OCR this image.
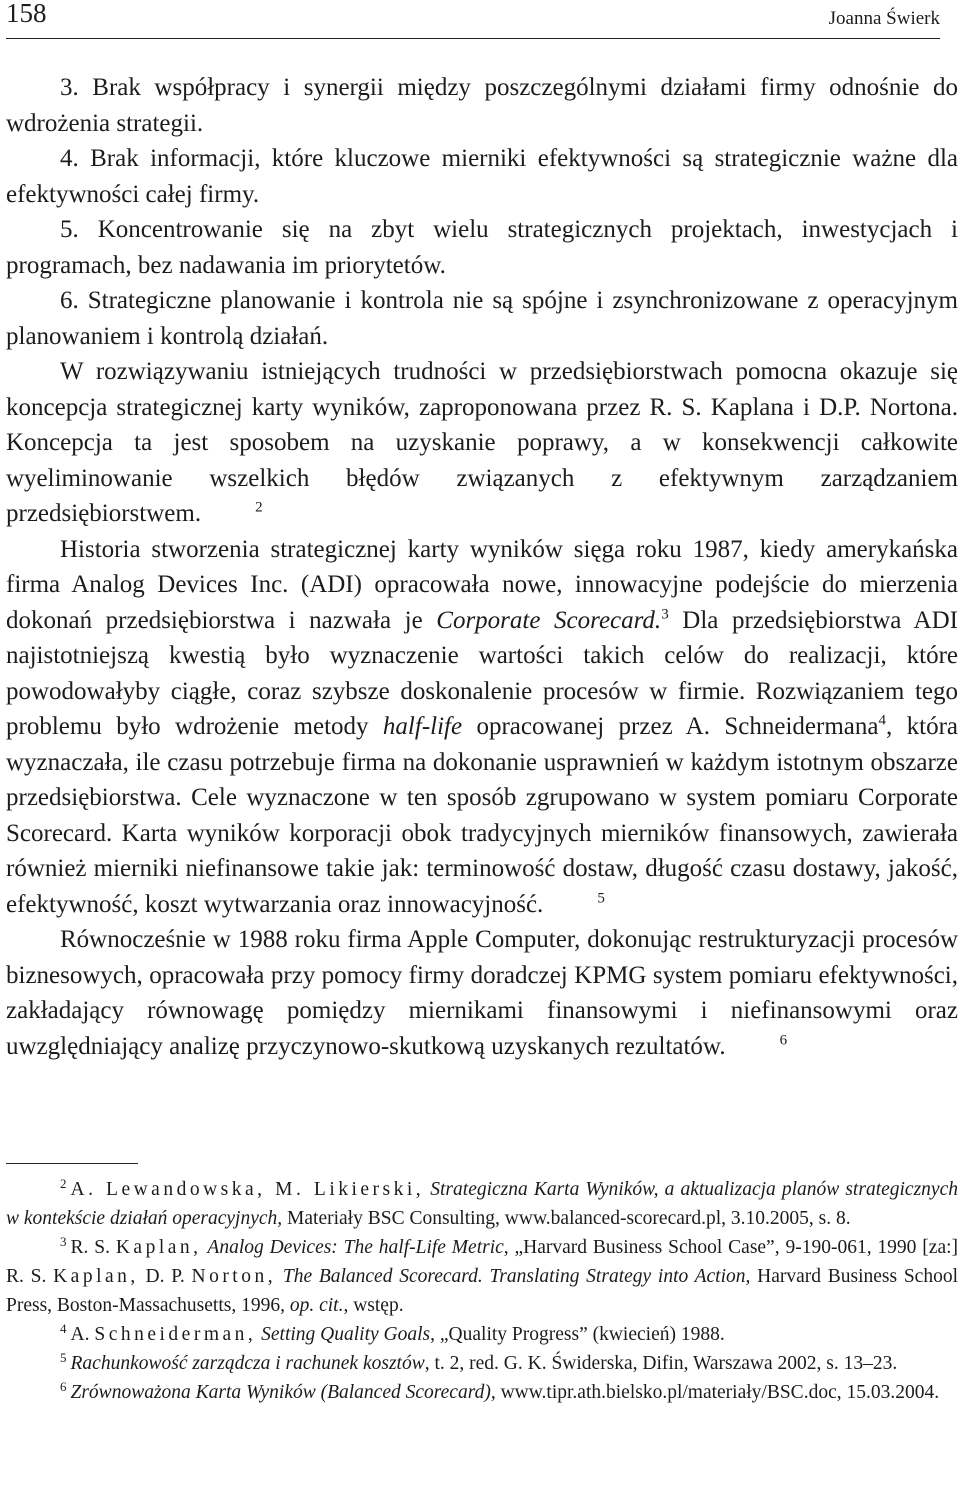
158	Joanna Świerk

3. Brak współpracy i synergii między poszczególnymi działami firmy odnośnie do wdrożenia strategii.

4. Brak informacji, które kluczowe mierniki efektywności są strategicznie ważne dla efektywności całej firmy.

5. Koncentrowanie się na zbyt wielu strategicznych projektach, inwestycjach i programach, bez nadawania im priorytetów.

6. Strategiczne planowanie i kontrola nie są spójne i zsynchronizowane z operacyjnym planowaniem i kontrolą działań.

W rozwiązywaniu istniejących trudności w przedsiębiorstwach pomocna okazuje się koncepcja strategicznej karty wyników, zaproponowana przez R. S. Kaplana i D.P. Nortona. Koncepcja ta jest sposobem na uzyskanie poprawy, a w konsekwencji całkowite wyeliminowanie wszelkich błędów związanych z efektywnym zarządzaniem przedsiębiorstwem.	$^2$

Historia stworzenia strategicznej karty wyników sięga roku 1987, kiedy amerykańska firma Analog Devices Inc. (ADI) opracowała nowe, innowacyjne podejście do mierzenia dokonań przedsiębiorstwa i nazwała je Corporate Scorecard.$^3$ Dla przedsiębiorstwa ADI najistotniejszą kwestią było wyznaczenie wartości takich celów do realizacji, które powodowałyby ciągłe, coraz szybsze doskonalenie procesów w firmie. Rozwiązaniem tego problemu było wdrożenie metody half-life opracowanej przez A. Schneidermana$^4$, która wyznaczała, ile czasu potrzebuje firma na dokonanie usprawnień w każdym istotnym obszarze przedsiębiorstwa. Cele wyznaczone w ten sposób zgrupowano w system pomiaru Corporate Scorecard. Karta wyników korporacji obok tradycyjnych mierników finansowych, zawierała również mierniki niefinansowe takie jak: terminowość dostaw, długość czasu dostawy, jakość, efektywność, koszt wytwarzania oraz innowacyjność.	$^5$

Równocześnie w 1988 roku firma Apple Computer, dokonując restrukturyzacji procesów biznesowych, opracowała przy pomocy firmy doradczej KPMG system pomiaru efektywności, zakładający równowagę pomiędzy miernikami finansowymi i niefinansowymi oraz uwzględniający analizę przyczynowo-skutkową uzyskanych rezultatów.	$^6$

$^2$ A. Lewandowska, M. Likierski, Strategiczna Karta Wyników, a aktualizacja planów strategicznych w kontekście działań operacyjnych, Materiały BSC Consulting, www.balanced-scorecard.pl, 3.10.2005, s. 8.

$^3$ R. S. Kaplan, Analog Devices: The half-Life Metric, „Harvard Business School Case”, 9-190-061, 1990 [za:] R. S. Kaplan, D. P. Norton, The Balanced Scorecard. Translating Strategy into Action, Harvard Business School Press, Boston-Massachusetts, 1996, op. cit., wstęp.

$^4$ A. Schneiderman, Setting Quality Goals, „Quality Progress” (kwiecień) 1988.

$^5$ Rachunkowość zarządcza i rachunek kosztów, t. 2, red. G. K. Świderska, Difin, Warszawa 2002, s. 13–23.

$^6$ Zrównoważona Karta Wyników (Balanced Scorecard), www.tipr.ath.bielsko.pl/materiały/BSC.doc, 15.03.2004.
